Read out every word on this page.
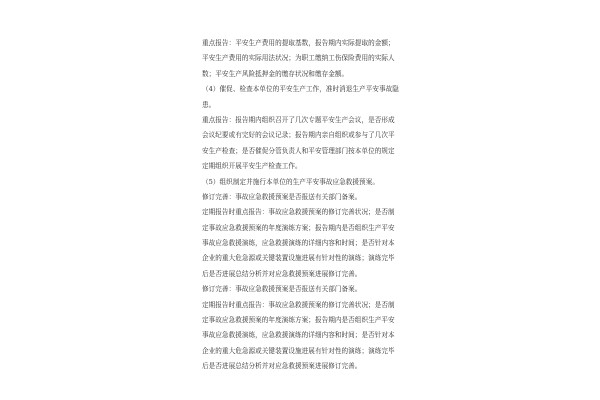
重点报告：平安生产费用的提取基数，报告期内实际提取的金额；
平安生产费用的实际用法状况；为职工缴纳工伤保险费用的实际人
数；平安生产风险抵押金的缴存状况和缴存金额。
（4）催促、检查本单位的平安生产工作，准时消退生产平安事故隐
患。
重点报告：报告期内组织召开了几次专题平安生产会议，是否形成
会议纪要或有完好的会议记录；报告期内亲自组织或参与了几次平
安生产检查；是否催促分管负责人和平安管理部门按本单位的规定
定期组织开展平安生产检查工作。
（5）组织制定并施行本单位的生产平安事故应急救援预案。
修订完善：事故应急救援预案是否报送有关部门备案。
定期报告时重点报告：事故应急救援预案的修订完善状况；是否制
定事故应急救援预案的年度演练方案；报告期内是否组织生产平安
事故应急救援演练，应急救援演练的详细内容和时间；是否针对本
企业的重大危急源或关键装置设施进展有针对性的演练；演练完毕
后是否进展总结分析并对应急救援预案进展修订完善。
修订完善：事故应急救援预案是否报送有关部门备案。
定期报告时重点报告：事故应急救援预案的修订完善状况；是否制
定事故应急救援预案的年度演练方案；报告期内是否组织生产平安
事故应急救援演练，应急救援演练的详细内容和时间；是否针对本
企业的重大危急源或关键装置设施进展有针对性的演练；演练完毕
后是否进展总结分析并对应急救援预案进展修订完善。
